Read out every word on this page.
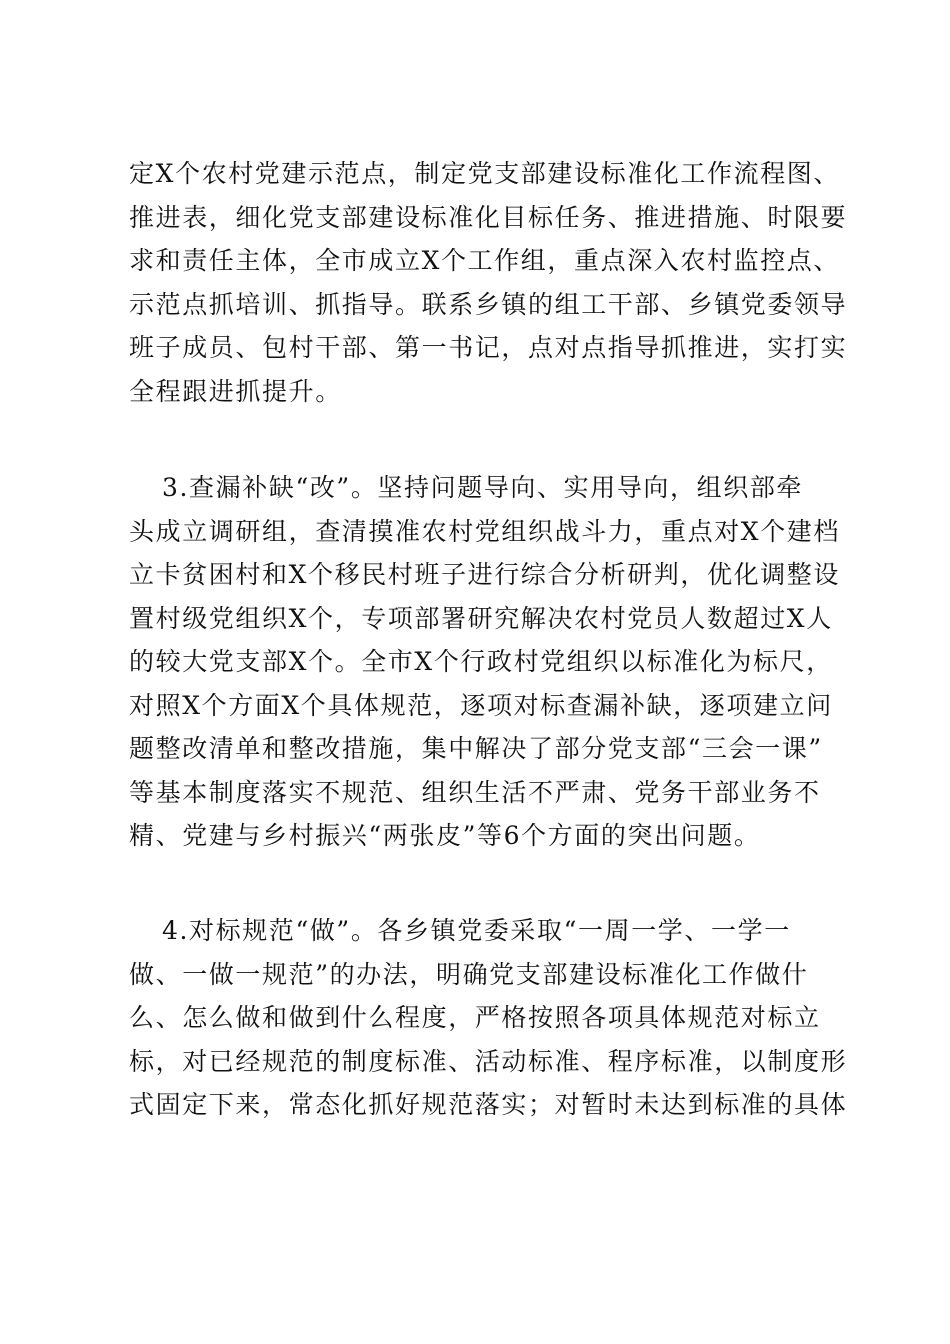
定X个农村党建示范点，制定党支部建设标准化工作流程图、
推进表，细化党支部建设标准化目标任务、推进措施、时限要
求和责任主体，全市成立X个工作组，重点深入农村监控点、
示范点抓培训、抓指导。联系乡镇的组工干部、乡镇党委领导
班子成员、包村干部、第一书记，点对点指导抓推进，实打实
全程跟进抓提升。
3.查漏补缺“改”。坚持问题导向、实用导向，组织部牵
头成立调研组，查清摸准农村党组织战斗力，重点对X个建档
立卡贫困村和X个移民村班子进行综合分析研判，优化调整设
置村级党组织X个，专项部署研究解决农村党员人数超过X人
的较大党支部X个。全市X个行政村党组织以标准化为标尺，
对照X个方面X个具体规范，逐项对标查漏补缺，逐项建立问
题整改清单和整改措施，集中解决了部分党支部“三会一课”
等基本制度落实不规范、组织生活不严肃、党务干部业务不
精、党建与乡村振兴“两张皮”等6个方面的突出问题。
4.对标规范“做”。各乡镇党委采取“一周一学、一学一
做、一做一规范”的办法，明确党支部建设标准化工作做什
么、怎么做和做到什么程度，严格按照各项具体规范对标立
标，对已经规范的制度标准、活动标准、程序标准，以制度形
式固定下来，常态化抓好规范落实；对暂时未达到标准的具体
